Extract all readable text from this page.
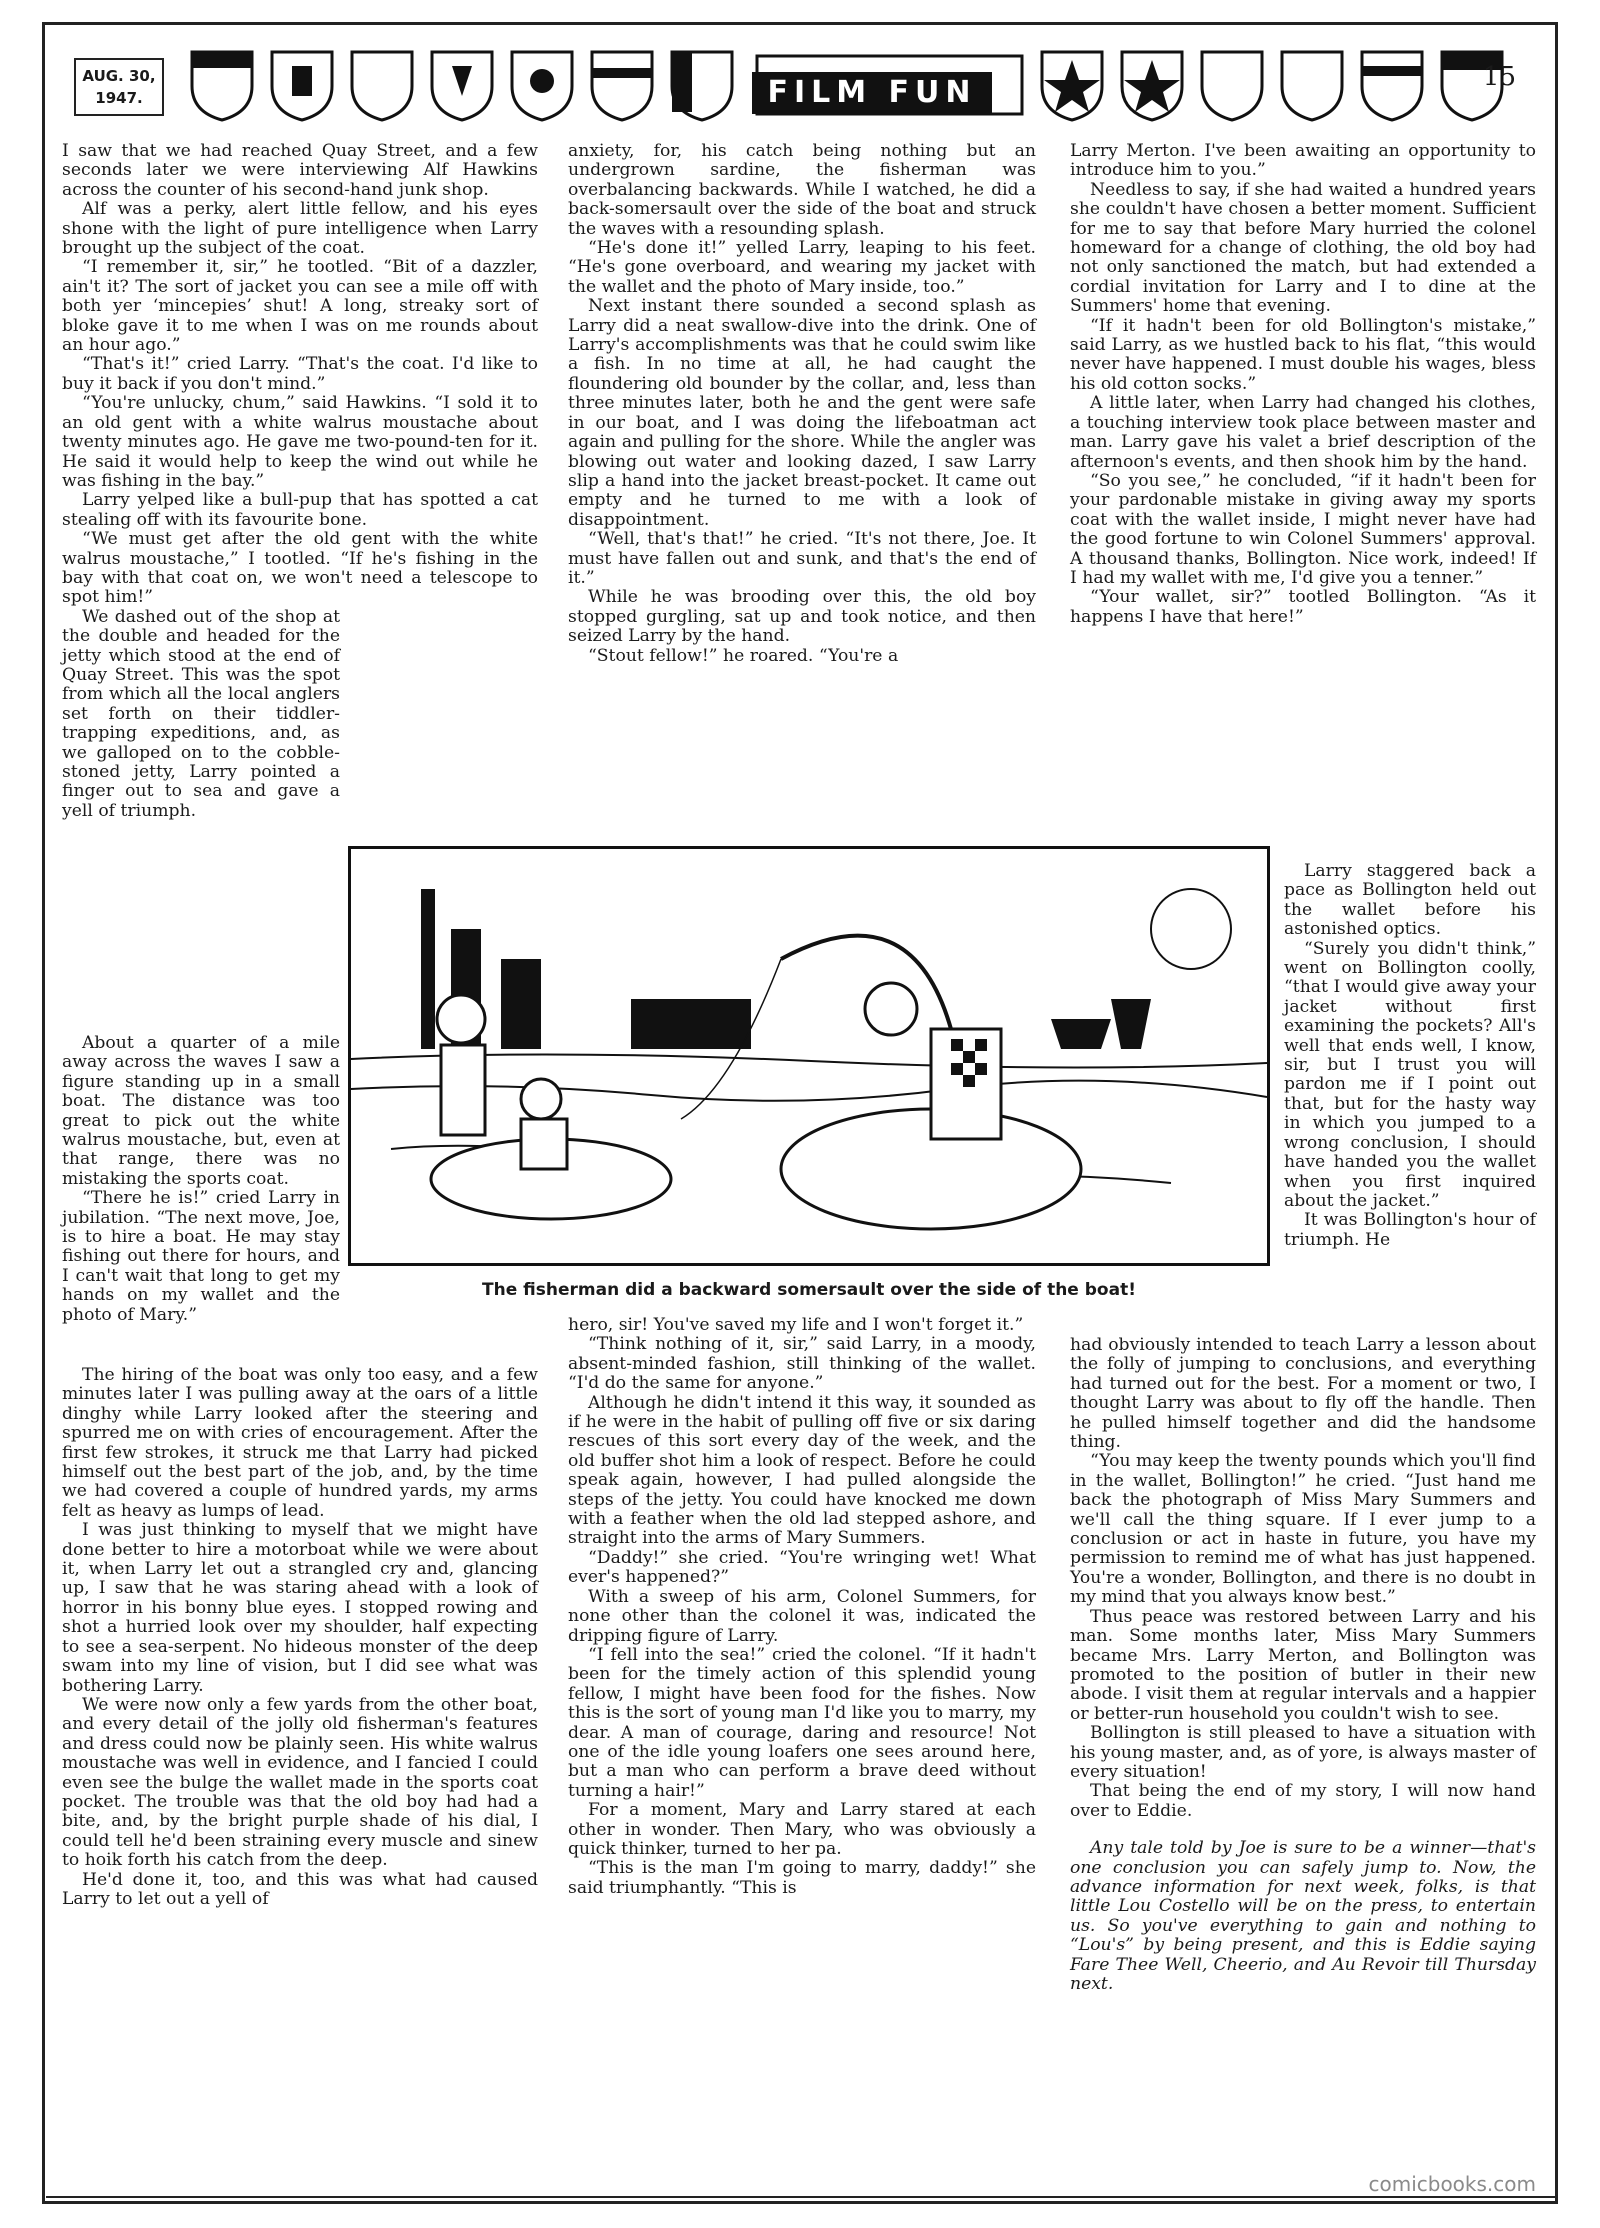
AUG. 30,
1947.	FILM FUN	15

I saw that we had reached Quay Street, and a few seconds later we were interviewing Alf Hawkins across the counter of his second-hand junk shop.

Alf was a perky, alert little fellow, and his eyes shone with the light of pure intelligence when Larry brought up the subject of the coat.

“I remember it, sir,” he tootled. “Bit of a dazzler, ain't it? The sort of jacket you can see a mile off with both yer ‘mincepies’ shut! A long, streaky sort of bloke gave it to me when I was on me rounds about an hour ago.”

“That's it!” cried Larry. “That's the coat. I'd like to buy it back if you don't mind.”

“You're unlucky, chum,” said Hawkins. “I sold it to an old gent with a white walrus moustache about twenty minutes ago. He gave me two-pound-ten for it. He said it would help to keep the wind out while he was fishing in the bay.”

Larry yelped like a bull-pup that has spotted a cat stealing off with its favourite bone.

“We must get after the old gent with the white walrus moustache,” I tootled. “If he's fishing in the bay with that coat on, we won't need a telescope to spot him!”

We dashed out of the shop at the double and headed for the jetty which stood at the end of Quay Street. This was the spot from which all the local anglers set forth on their tiddler-trapping expeditions, and, as we galloped on to the cobble-stoned jetty, Larry pointed a finger out to sea and gave a yell of triumph.

About a quarter of a mile away across the waves I saw a figure standing up in a small boat. The distance was too great to pick out the white walrus moustache, but, even at that range, there was no mistaking the sports coat.

“There he is!” cried Larry in jubilation. “The next move, Joe, is to hire a boat. He may stay fishing out there for hours, and I can't wait that long to get my hands on my wallet and the photo of Mary.”

The hiring of the boat was only too easy, and a few minutes later I was pulling away at the oars of a little dinghy while Larry looked after the steering and spurred me on with cries of encouragement. After the first few strokes, it struck me that Larry had picked himself out the best part of the job, and, by the time we had covered a couple of hundred yards, my arms felt as heavy as lumps of lead.

I was just thinking to myself that we might have done better to hire a motorboat while we were about it, when Larry let out a strangled cry and, glancing up, I saw that he was staring ahead with a look of horror in his bonny blue eyes. I stopped rowing and shot a hurried look over my shoulder, half expecting to see a sea-serpent. No hideous monster of the deep swam into my line of vision, but I did see what was bothering Larry.

We were now only a few yards from the other boat, and every detail of the jolly old fisherman's features and dress could now be plainly seen. His white walrus moustache was well in evidence, and I fancied I could even see the bulge the wallet made in the sports coat pocket. The trouble was that the old boy had had a bite, and, by the bright purple shade of his dial, I could tell he'd been straining every muscle and sinew to hoik forth his catch from the deep.

He'd done it, too, and this was what had caused Larry to let out a yell of

anxiety, for, his catch being nothing but an undergrown sardine, the fisherman was overbalancing backwards. While I watched, he did a back-somersault over the side of the boat and struck the waves with a resounding splash.

“He's done it!” yelled Larry, leaping to his feet. “He's gone overboard, and wearing my jacket with the wallet and the photo of Mary inside, too.”

Next instant there sounded a second splash as Larry did a neat swallow-dive into the drink. One of Larry's accomplishments was that he could swim like a fish. In no time at all, he had caught the floundering old bounder by the collar, and, less than three minutes later, both he and the gent were safe in our boat, and I was doing the lifeboatman act again and pulling for the shore. While the angler was blowing out water and looking dazed, I saw Larry slip a hand into the jacket breast-pocket. It came out empty and he turned to me with a look of disappointment.

“Well, that's that!” he cried. “It's not there, Joe. It must have fallen out and sunk, and that's the end of it.”

While he was brooding over this, the old boy stopped gurgling, sat up and took notice, and then seized Larry by the hand.

“Stout fellow!” he roared. “You're a

hero, sir! You've saved my life and I won't forget it.”

“Think nothing of it, sir,” said Larry, in a moody, absent-minded fashion, still thinking of the wallet. “I'd do the same for anyone.”

Although he didn't intend it this way, it sounded as if he were in the habit of pulling off five or six daring rescues of this sort every day of the week, and the old buffer shot him a look of respect. Before he could speak again, however, I had pulled alongside the steps of the jetty. You could have knocked me down with a feather when the old lad stepped ashore, and straight into the arms of Mary Summers.

“Daddy!” she cried. “You're wringing wet! What ever's happened?”

With a sweep of his arm, Colonel Summers, for none other than the colonel it was, indicated the dripping figure of Larry.

“I fell into the sea!” cried the colonel. “If it hadn't been for the timely action of this splendid young fellow, I might have been food for the fishes. Now this is the sort of young man I'd like you to marry, my dear. A man of courage, daring and resource! Not one of the idle young loafers one sees around here, but a man who can perform a brave deed without turning a hair!”

For a moment, Mary and Larry stared at each other in wonder. Then Mary, who was obviously a quick thinker, turned to her pa.

“This is the man I'm going to marry, daddy!” she said triumphantly. “This is

Larry Merton. I've been awaiting an opportunity to introduce him to you.”

Needless to say, if she had waited a hundred years she couldn't have chosen a better moment. Sufficient for me to say that before Mary hurried the colonel homeward for a change of clothing, the old boy had not only sanctioned the match, but had extended a cordial invitation for Larry and I to dine at the Summers' home that evening.

“If it hadn't been for old Bollington's mistake,” said Larry, as we hustled back to his flat, “this would never have happened. I must double his wages, bless his old cotton socks.”

A little later, when Larry had changed his clothes, a touching interview took place between master and man. Larry gave his valet a brief description of the afternoon's events, and then shook him by the hand.

“So you see,” he concluded, “if it hadn't been for your pardonable mistake in giving away my sports coat with the wallet inside, I might never have had the good fortune to win Colonel Summers' approval. A thousand thanks, Bollington. Nice work, indeed! If I had my wallet with me, I'd give you a tenner.”

“Your wallet, sir?” tootled Bollington. “As it happens I have that here!”

Larry staggered back a pace as Bollington held out the wallet before his astonished optics.

“Surely you didn't think,” went on Bollington coolly, “that I would give away your jacket without first examining the pockets? All's well that ends well, I know, sir, but I trust you will pardon me if I point out that, but for the hasty way in which you jumped to a wrong conclusion, I should have handed you the wallet when you first inquired about the jacket.”

It was Bollington's hour of triumph. He

had obviously intended to teach Larry a lesson about the folly of jumping to conclusions, and everything had turned out for the best. For a moment or two, I thought Larry was about to fly off the handle. Then he pulled himself together and did the handsome thing.

“You may keep the twenty pounds which you'll find in the wallet, Bollington!” he cried. “Just hand me back the photograph of Miss Mary Summers and we'll call the thing square. If I ever jump to a conclusion or act in haste in future, you have my permission to remind me of what has just happened. You're a wonder, Bollington, and there is no doubt in my mind that you always know best.”

Thus peace was restored between Larry and his man. Some months later, Miss Mary Summers became Mrs. Larry Merton, and Bollington was promoted to the position of butler in their new abode. I visit them at regular intervals and a happier or better-run household you couldn't wish to see.

Bollington is still pleased to have a situation with his young master, and, as of yore, is always master of every situation!

That being the end of my story, I will now hand over to Eddie.

Any tale told by Joe is sure to be a winner—that's one conclusion you can safely jump to. Now, the advance information for next week, folks, is that little Lou Costello will be on the press, to entertain us. So you've everything to gain and nothing to “Lou's” by being present, and this is Eddie saying Fare Thee Well, Cheerio, and Au Revoir till Thursday next.

The fisherman did a backward somersault over the side of the boat!
comicbooks.com
